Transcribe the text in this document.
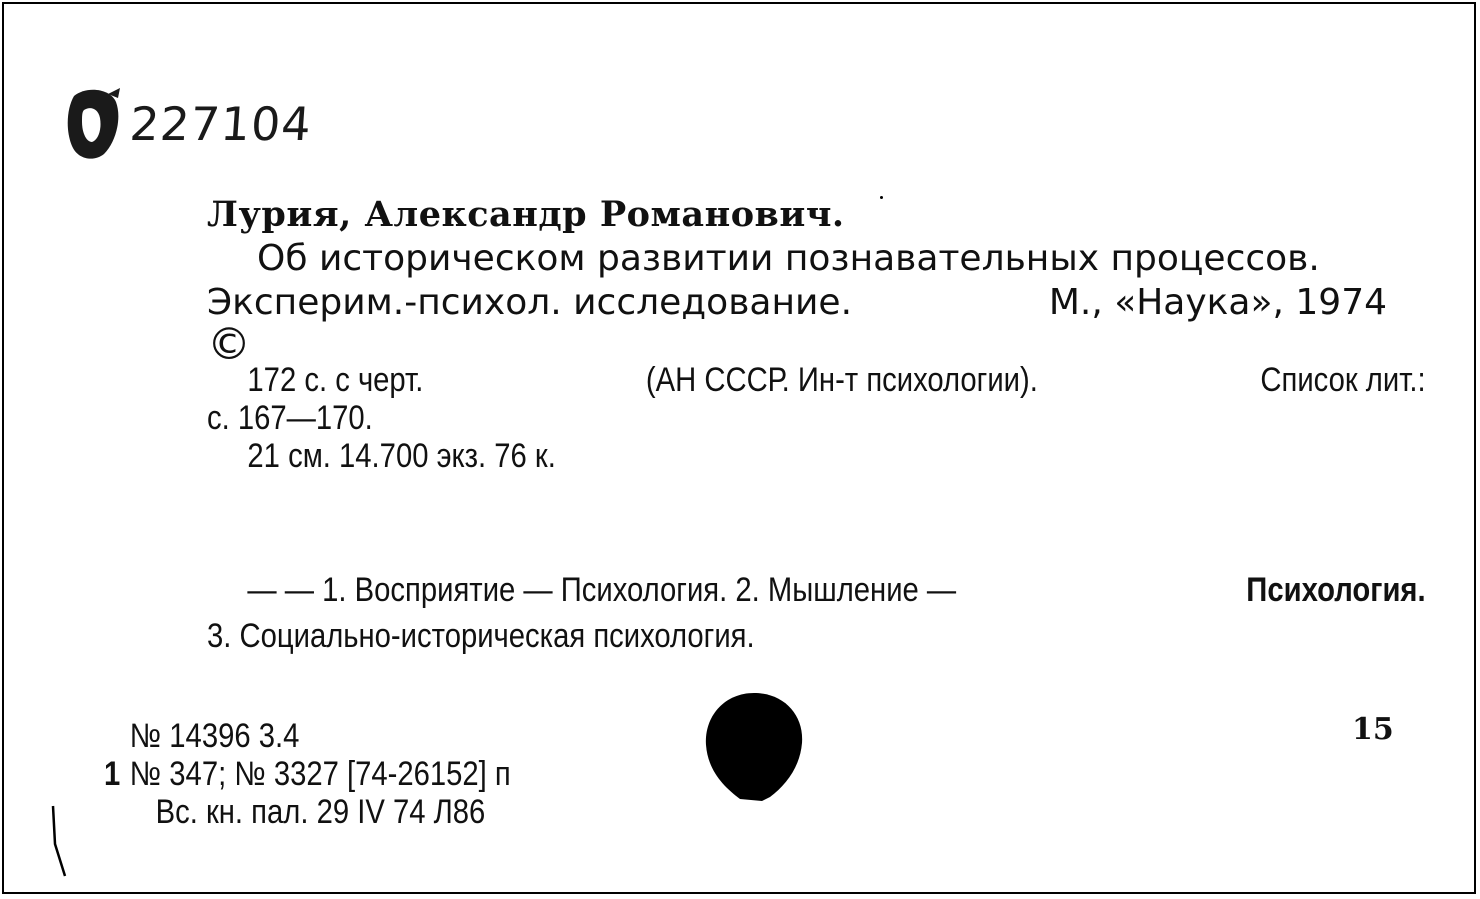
227104
Лурия, Александр Романович.
Об историческом развитии познавательных процессов.
Эксперим.-психол. исследование.	М., «Наука», 1974
©
172 с. с черт.	(АН СССР. Ин-т психологии).	Список лит.:
с. 167—170.
21 см. 14.700 экз. 76 к.
— — 1. Восприятие — Психология. 2. Мышление —	Психология.
3. Социально-историческая психология.
№ 14396 3.4
1 № 347; № 3327 [74-26152] п
Вс. кн. пал. 29 IV 74 Л86
15
